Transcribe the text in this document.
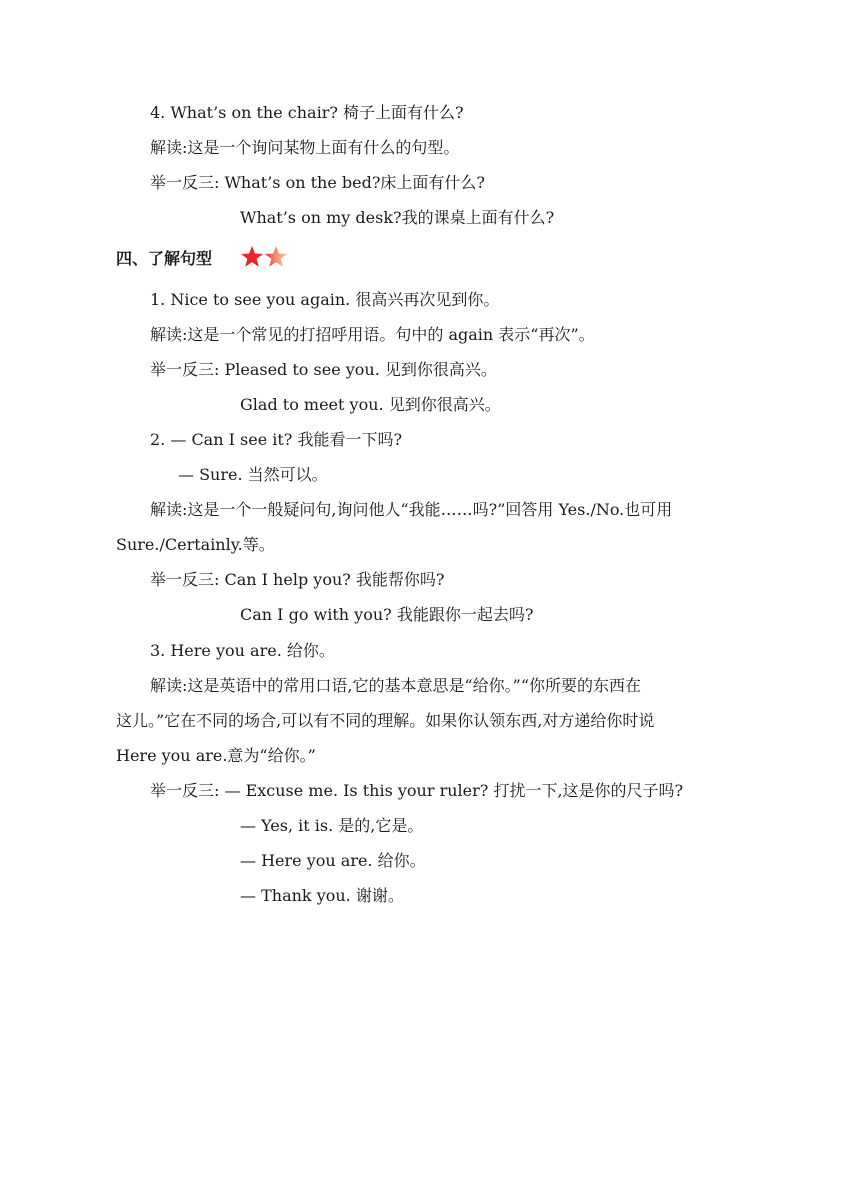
4. What’s on the chair? 椅子上面有什么?
解读:这是一个询问某物上面有什么的句型。
举一反三: What’s on the bed?床上面有什么?
What’s on my desk?我的课桌上面有什么?
四、了解句型
1. Nice to see you again. 很高兴再次见到你。
解读:这是一个常见的打招呼用语。句中的 again 表示“再次”。
举一反三: Pleased to see you. 见到你很高兴。
Glad to meet you. 见到你很高兴。
2. — Can I see it? 我能看一下吗?
— Sure. 当然可以。
解读:这是一个一般疑问句,询问他人“我能……吗?”回答用 Yes./No.也可用
Sure./Certainly.等。
举一反三: Can I help you? 我能帮你吗?
Can I go with you? 我能跟你一起去吗?
3. Here you are. 给你。
解读:这是英语中的常用口语,它的基本意思是“给你。”“你所要的东西在
这儿。”它在不同的场合,可以有不同的理解。如果你认领东西,对方递给你时说
Here you are.意为“给你。”
举一反三: — Excuse me. Is this your ruler? 打扰一下,这是你的尺子吗?
— Yes, it is. 是的,它是。
— Here you are. 给你。
— Thank you. 谢谢。
